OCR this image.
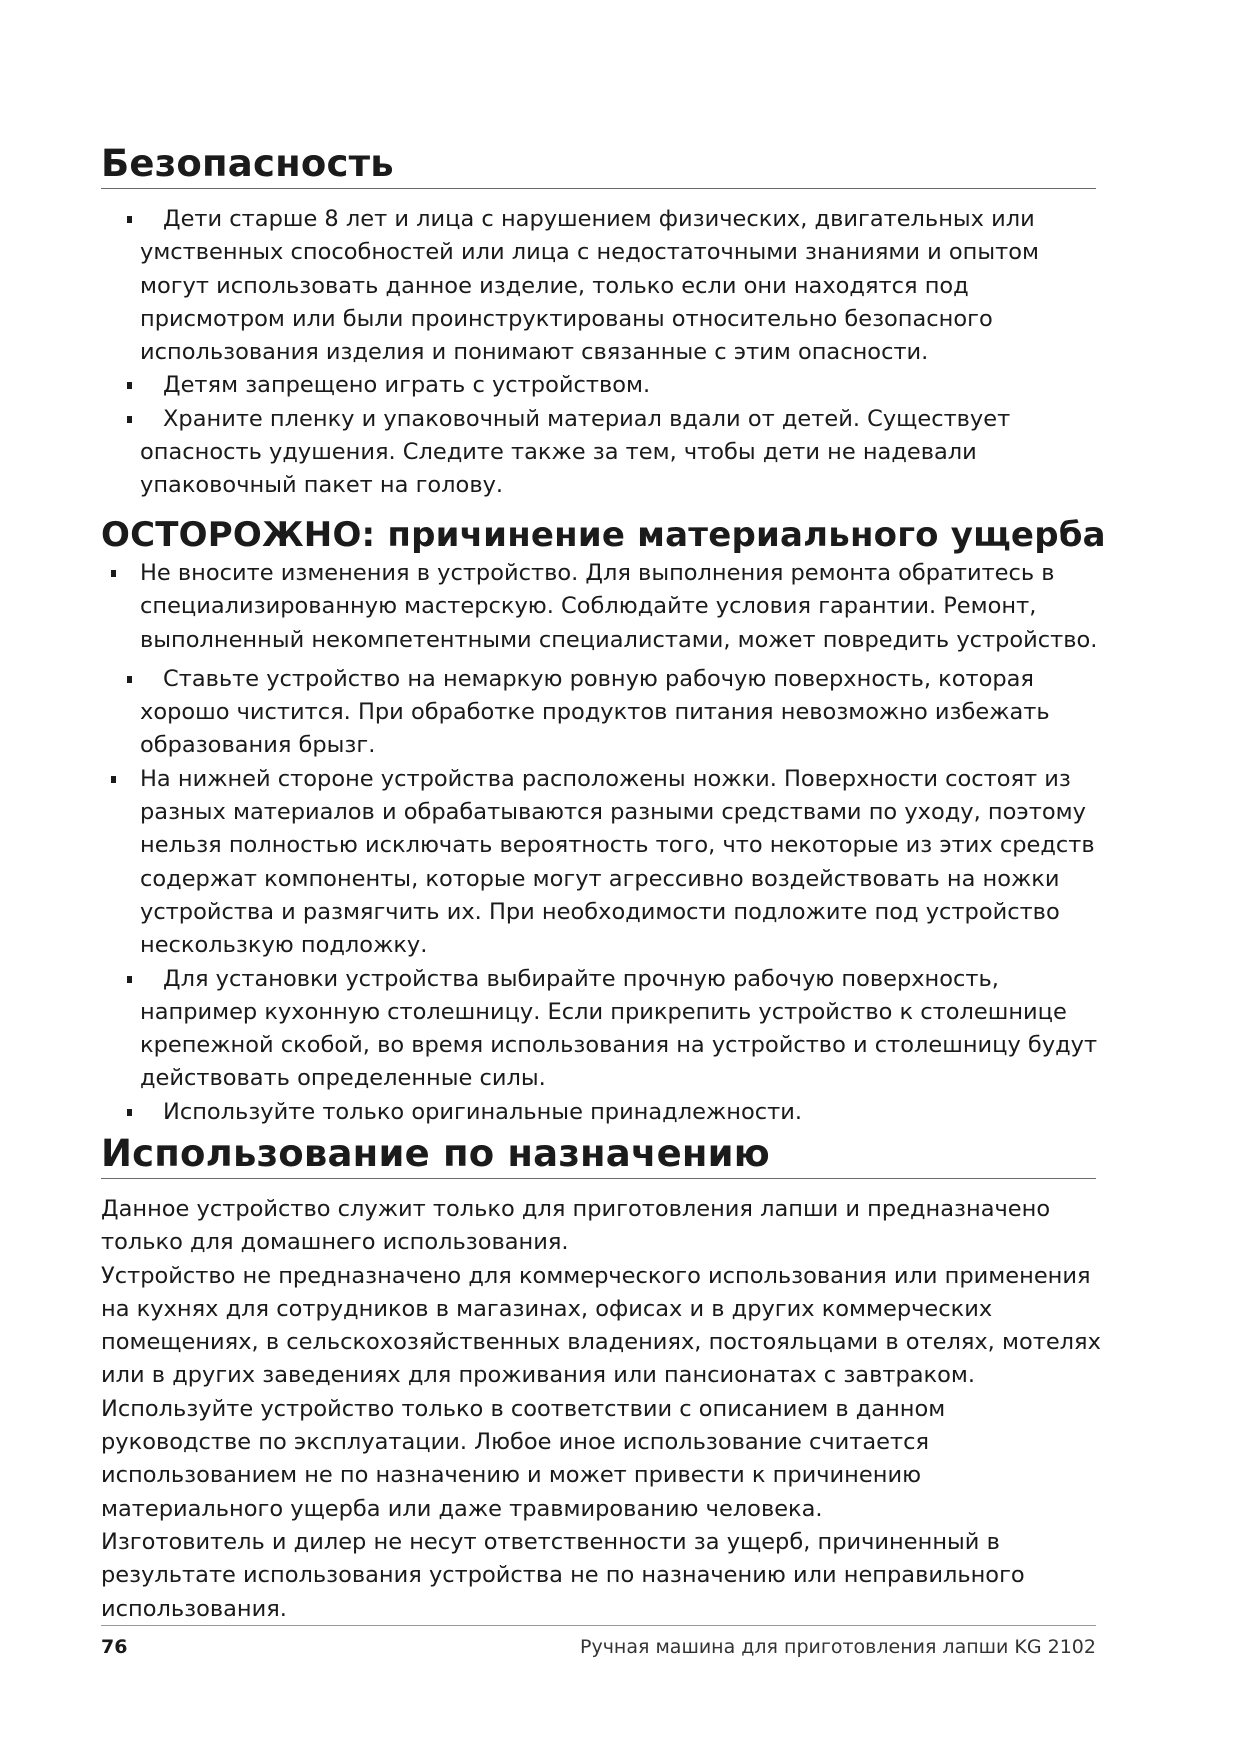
Безопасность
Дети старше 8 лет и лица с нарушением физических, двигательных или умственных способностей или лица с недостаточными знаниями и опытом могут использовать данное изделие, только если они находятся под присмотром или были проинструктированы относительно безопасного использования изделия и понимают связанные с этим опасности.
Детям запрещено играть с устройством.
Храните пленку и упаковочный материал вдали от детей. Существует опасность удушения. Следите также за тем, чтобы дети не надевали упаковочный пакет на голову.
ОСТОРОЖНО: причинение материального ущерба
Не вносите изменения в устройство. Для выполнения ремонта обратитесь в специализированную мастерскую. Соблюдайте условия гарантии. Ремонт, выполненный некомпетентными специалистами, может повредить устройство.
Ставьте устройство на немаркую ровную рабочую поверхность, которая хорошо чистится. При обработке продуктов питания невозможно избежать образования брызг.
На нижней стороне устройства расположены ножки. Поверхности состоят из разных материалов и обрабатываются разными средствами по уходу, поэтому нельзя полностью исключать вероятность того, что некоторые из этих средств содержат компоненты, которые могут агрессивно воздействовать на ножки устройства и размягчить их. При необходимости подложите под устройство нескользкую подложку.
Для установки устройства выбирайте прочную рабочую поверхность, например кухонную столешницу. Если прикрепить устройство к столешнице крепежной скобой, во время использования на устройство и столешницу будут действовать определенные силы.
Используйте только оригинальные принадлежности.
Использование по назначению

Данное устройство служит только для приготовления лапши и предназначено только для домашнего использования.

Устройство не предназначено для коммерческого использования или применения на кухнях для сотрудников в магазинах, офисах и в других коммерческих помещениях, в сельскохозяйственных владениях, постояльцами в отелях, мотелях или в других заведениях для проживания или пансионатах с завтраком.

Используйте устройство только в соответствии с описанием в данном руководстве по эксплуатации. Любое иное использование считается использованием не по назначению и может привести к причинению материального ущерба или даже травмированию человека.

Изготовитель и дилер не несут ответственности за ущерб, причиненный в результате использования устройства не по назначению или неправильного использования.

76	Ручная машина для приготовления лапши KG 2102
